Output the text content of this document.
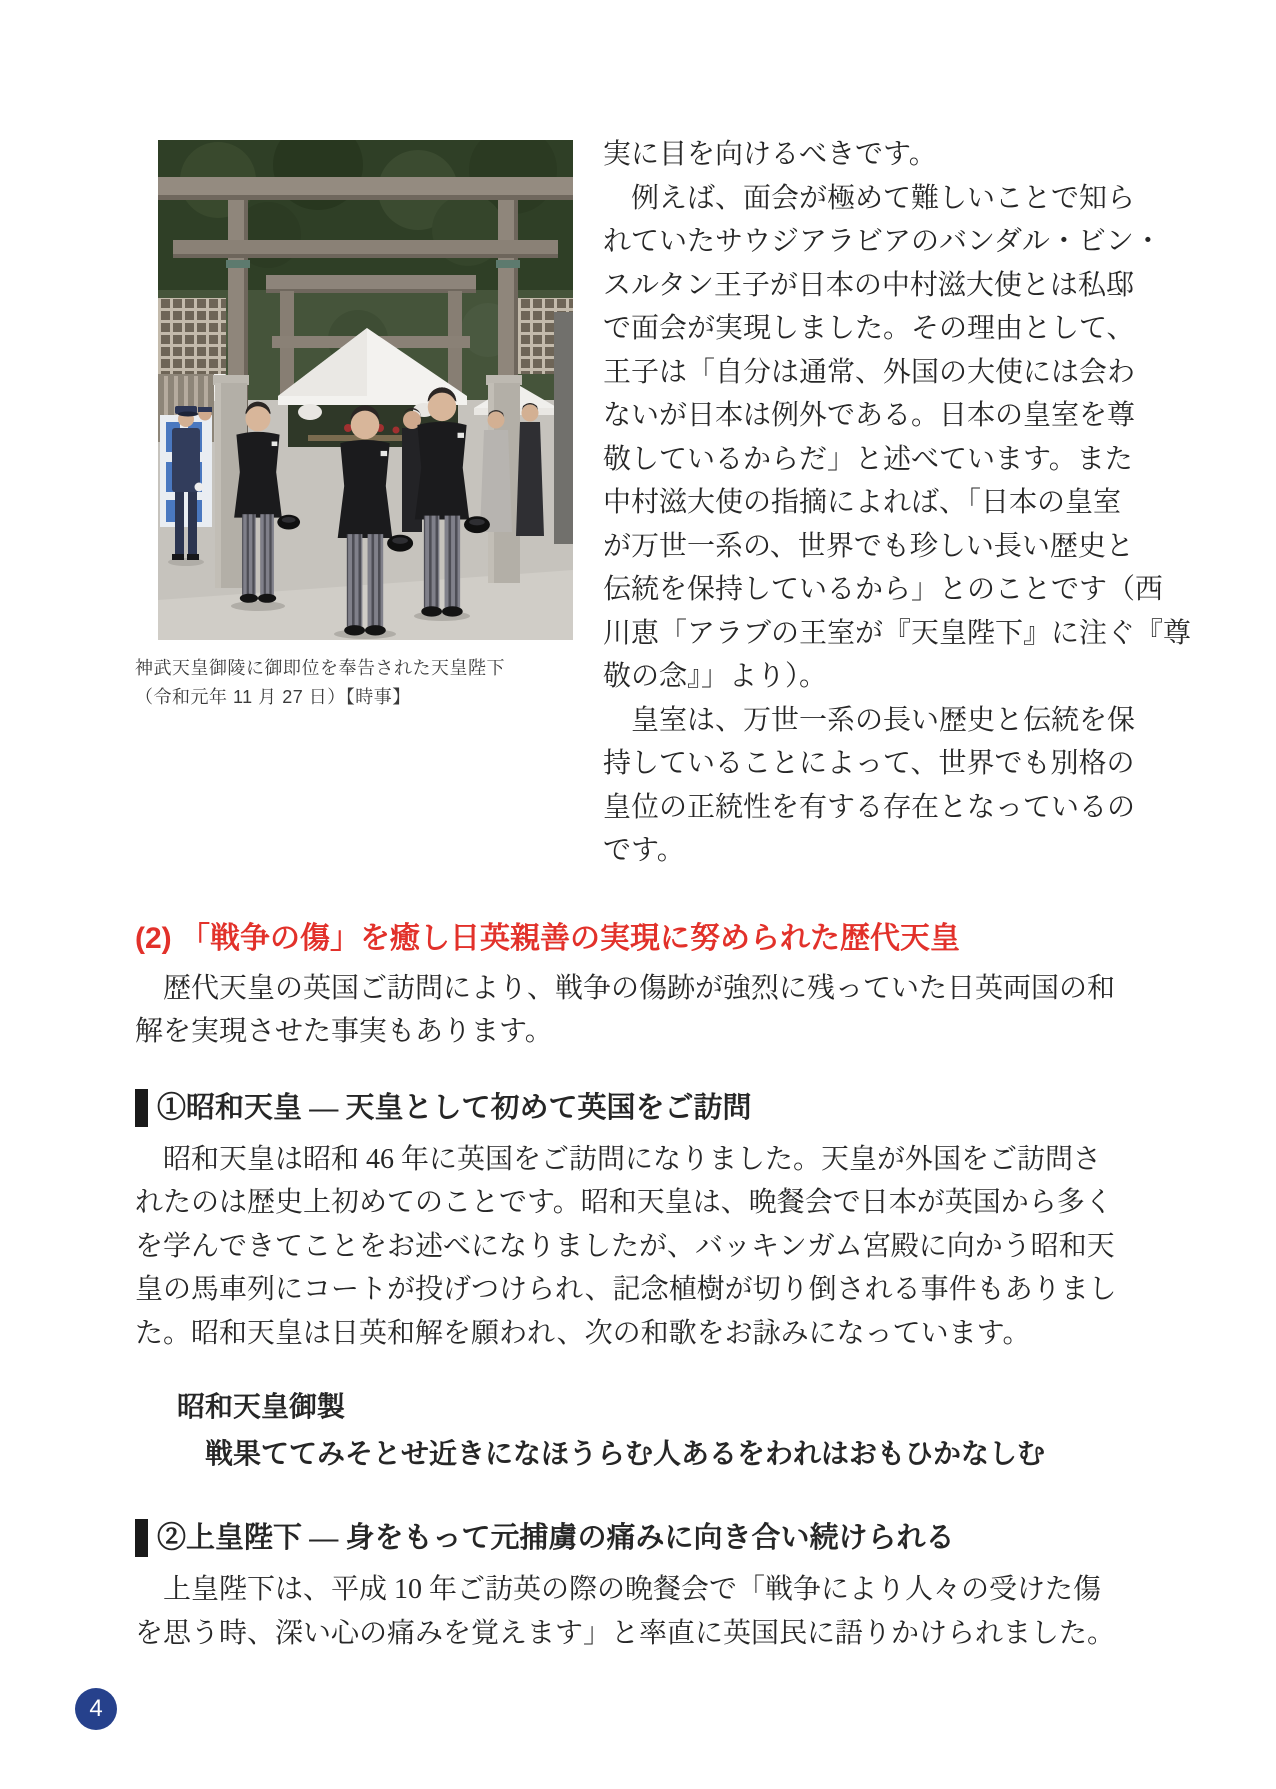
神武天皇御陵に御即位を奉告された天皇陛下
（令和元年 11 月 27 日）【時事】
実に目を向けるべきです。
　例えば、面会が極めて難しいことで知ら
れていたサウジアラビアのバンダル・ビン・
スルタン王子が日本の中村滋大使とは私邸
で面会が実現しました。その理由として、
王子は「自分は通常、外国の大使には会わ
ないが日本は例外である。日本の皇室を尊
敬しているからだ」と述べています。また
中村滋大使の指摘によれば、「日本の皇室
が万世一系の、世界でも珍しい長い歴史と
伝統を保持しているから」とのことです（西
川恵「アラブの王室が『天皇陛下』に注ぐ『尊
敬の念』」より）。
　皇室は、万世一系の長い歴史と伝統を保
持していることによって、世界でも別格の
皇位の正統性を有する存在となっているの
です。
(2) 「戦争の傷」を癒し日英親善の実現に努められた歴代天皇
　歴代天皇の英国ご訪問により、戦争の傷跡が強烈に残っていた日英両国の和
解を実現させた事実もあります。
①昭和天皇 ― 天皇として初めて英国をご訪問
　昭和天皇は昭和 46 年に英国をご訪問になりました。天皇が外国をご訪問さ
れたのは歴史上初めてのことです。昭和天皇は、晩餐会で日本が英国から多く
を学んできてことをお述べになりましたが、バッキンガム宮殿に向かう昭和天
皇の馬車列にコートが投げつけられ、記念植樹が切り倒される事件もありまし
た。昭和天皇は日英和解を願われ、次の和歌をお詠みになっています。
昭和天皇御製
戦果ててみそとせ近きになほうらむ人あるをわれはおもひかなしむ
②上皇陛下 ― 身をもって元捕虜の痛みに向き合い続けられる
　上皇陛下は、平成 10 年ご訪英の際の晩餐会で「戦争により人々の受けた傷
を思う時、深い心の痛みを覚えます」と率直に英国民に語りかけられました。
4
